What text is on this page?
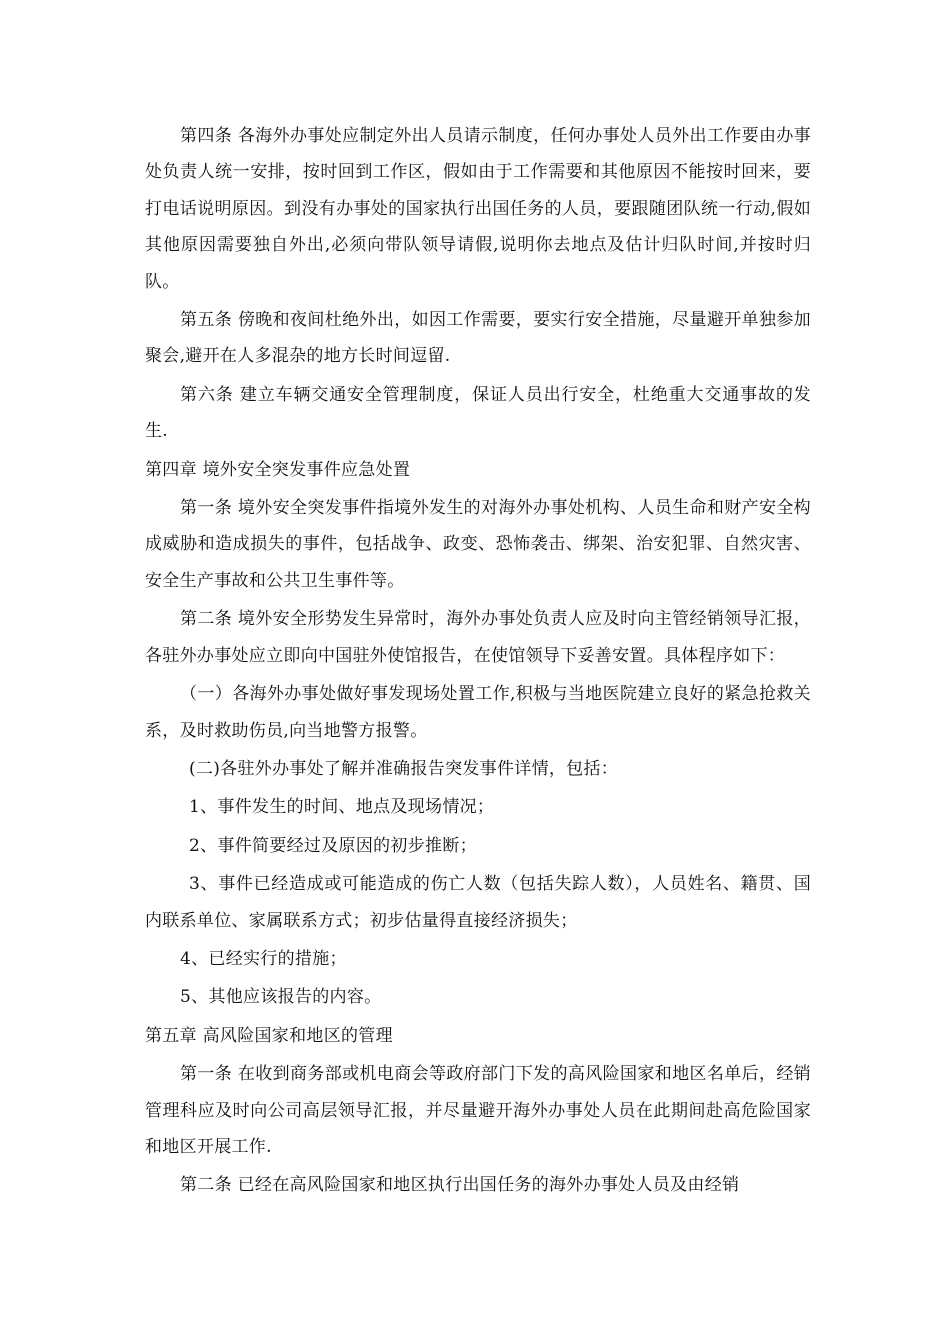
第四条 各海外办事处应制定外出人员请示制度，任何办事处人员外出工作要由办事处负责人统一安排，按时回到工作区，假如由于工作需要和其他原因不能按时回来，要打电话说明原因。到没有办事处的国家执行出国任务的人员，要跟随团队统一行动,假如其他原因需要独自外出,必须向带队领导请假,说明你去地点及估计归队时间,并按时归队。

第五条 傍晚和夜间杜绝外出，如因工作需要，要实行安全措施，尽量避开单独参加聚会,避开在人多混杂的地方长时间逗留.

第六条 建立车辆交通安全管理制度，保证人员出行安全，杜绝重大交通事故的发生.

第四章 境外安全突发事件应急处置

第一条 境外安全突发事件指境外发生的对海外办事处机构、人员生命和财产安全构成威胁和造成损失的事件，包括战争、政变、恐怖袭击、绑架、治安犯罪、自然灾害、安全生产事故和公共卫生事件等。

第二条 境外安全形势发生异常时，海外办事处负责人应及时向主管经销领导汇报，各驻外办事处应立即向中国驻外使馆报告，在使馆领导下妥善安置。具体程序如下：

（一）各海外办事处做好事发现场处置工作,积极与当地医院建立良好的紧急抢救关系，及时救助伤员,向当地警方报警。

(二)各驻外办事处了解并准确报告突发事件详情，包括：

1、事件发生的时间、地点及现场情况；

2、事件简要经过及原因的初步推断；

3、事件已经造成或可能造成的伤亡人数（包括失踪人数），人员姓名、籍贯、国内联系单位、家属联系方式；初步估量得直接经济损失；

4、已经实行的措施；

5、其他应该报告的内容。

第五章 高风险国家和地区的管理

第一条 在收到商务部或机电商会等政府部门下发的高风险国家和地区名单后，经销管理科应及时向公司高层领导汇报，并尽量避开海外办事处人员在此期间赴高危险国家和地区开展工作.

第二条 已经在高风险国家和地区执行出国任务的海外办事处人员及由经销
